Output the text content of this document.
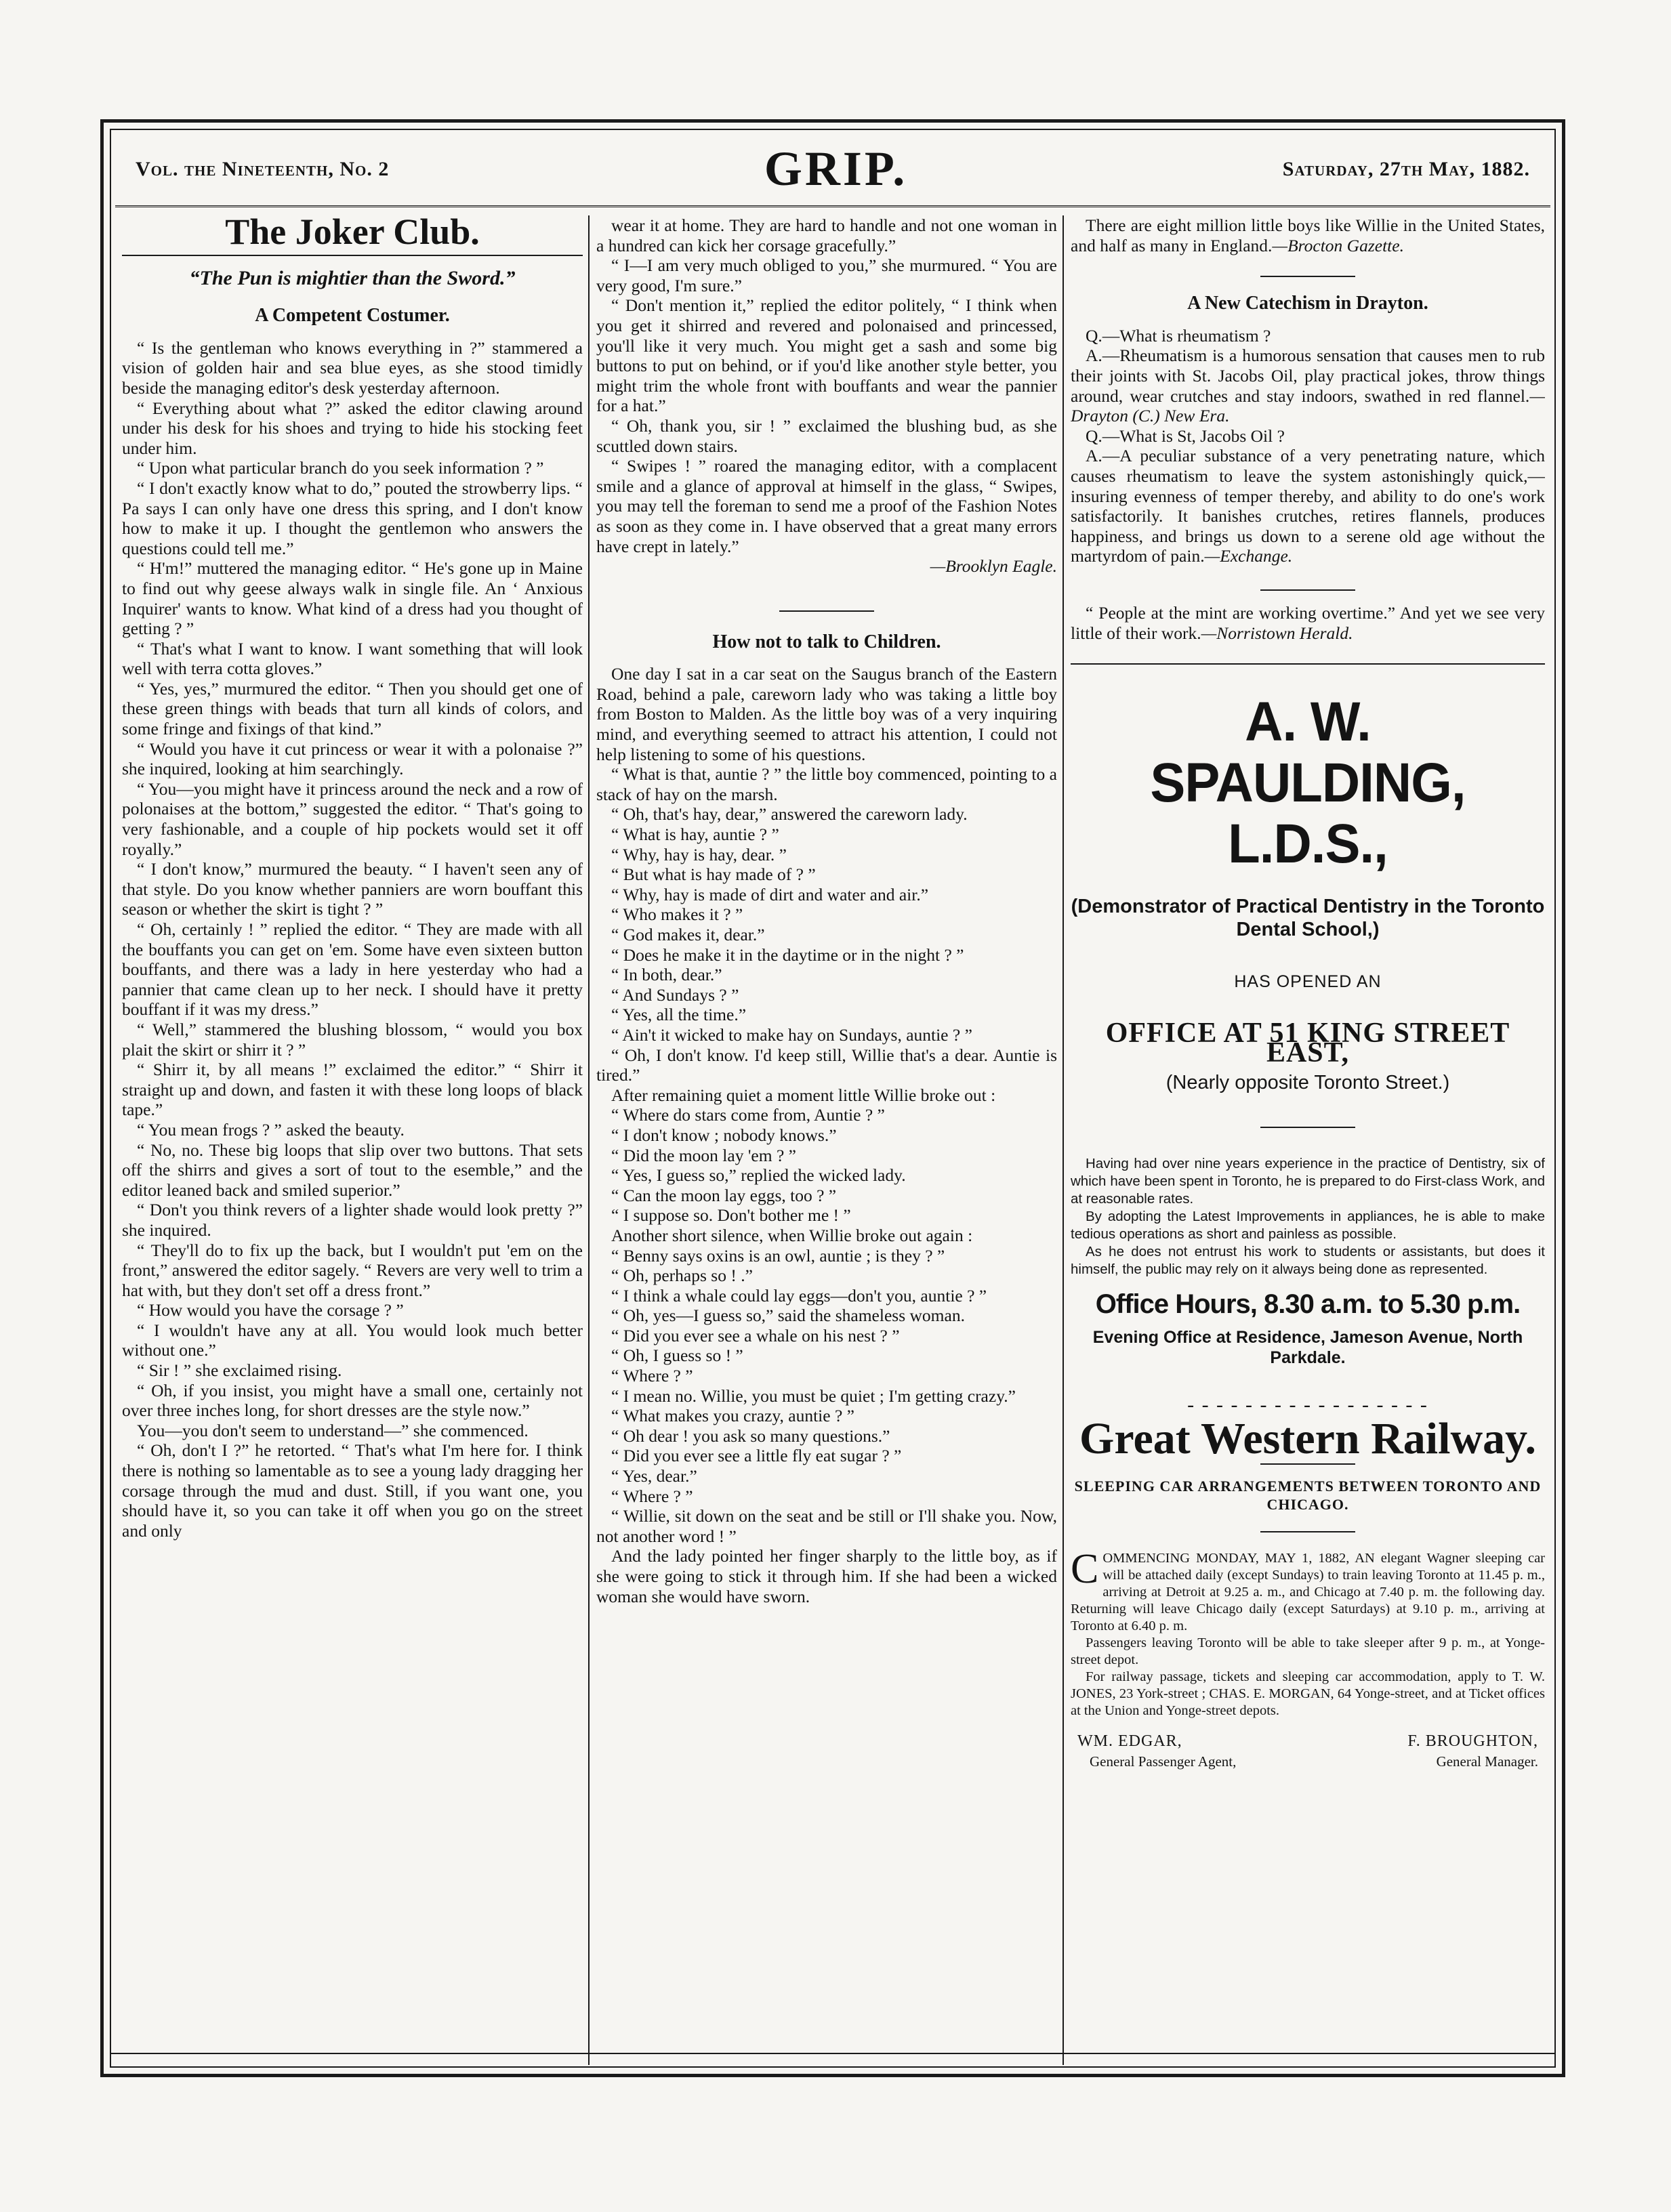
Vol. the Nineteenth, No. 2	GRIP.	Saturday, 27th May, 1882.
The Joker Club.
“The Pun is mightier than the Sword.”
A Competent Costumer.

“ Is the gentleman who knows everything in ?” stammered a vision of golden hair and sea blue eyes, as she stood timidly beside the managing editor's desk yesterday afternoon.

“ Everything about what ?” asked the editor clawing around under his desk for his shoes and trying to hide his stocking feet under him.

“ Upon what particular branch do you seek information ? ”

“ I don't exactly know what to do,” pouted the strowberry lips. “ Pa says I can only have one dress this spring, and I don't know how to make it up. I thought the gentlemon who answers the questions could tell me.”

“ H'm!” muttered the managing editor. “ He's gone up in Maine to find out why geese always walk in single file. An ‘ Anxious Inquirer' wants to know. What kind of a dress had you thought of getting ? ”

“ That's what I want to know. I want something that will look well with terra cotta gloves.”

“ Yes, yes,” murmured the editor. “ Then you should get one of these green things with beads that turn all kinds of colors, and some fringe and fixings of that kind.”

“ Would you have it cut princess or wear it with a polonaise ?” she inquired, looking at him searchingly.

“ You—you might have it princess around the neck and a row of polonaises at the bottom,” suggested the editor. “ That's going to very fashionable, and a couple of hip pockets would set it off royally.”

“ I don't know,” murmured the beauty. “ I haven't seen any of that style. Do you know whether panniers are worn bouffant this season or whether the skirt is tight ? ”

“ Oh, certainly ! ” replied the editor. “ They are made with all the bouffants you can get on 'em. Some have even sixteen button bouffants, and there was a lady in here yesterday who had a pannier that came clean up to her neck. I should have it pretty bouffant if it was my dress.”

“ Well,” stammered the blushing blossom, “ would you box plait the skirt or shirr it ? ”

“ Shirr it, by all means !” exclaimed the editor.” “ Shirr it straight up and down, and fasten it with these long loops of black tape.”

“ You mean frogs ? ” asked the beauty.

“ No, no. These big loops that slip over two buttons. That sets off the shirrs and gives a sort of tout to the esemble,” and the editor leaned back and smiled superior.”

“ Don't you think revers of a lighter shade would look pretty ?” she inquired.

“ They'll do to fix up the back, but I wouldn't put 'em on the front,” answered the editor sagely. “ Revers are very well to trim a hat with, but they don't set off a dress front.”

“ How would you have the corsage ? ”

“ I wouldn't have any at all. You would look much better without one.”

“ Sir ! ” she exclaimed rising.

“ Oh, if you insist, you might have a small one, certainly not over three inches long, for short dresses are the style now.”

You—you don't seem to understand—” she commenced.

“ Oh, don't I ?” he retorted. “ That's what I'm here for. I think there is nothing so lamentable as to see a young lady dragging her corsage through the mud and dust. Still, if you want one, you should have it, so you can take it off when you go on the street and only

wear it at home. They are hard to handle and not one woman in a hundred can kick her corsage gracefully.”

“ I—I am very much obliged to you,” she murmured. “ You are very good, I'm sure.”

“ Don't mention it,” replied the editor politely, “ I think when you get it shirred and revered and polonaised and princessed, you'll like it very much. You might get a sash and some big buttons to put on behind, or if you'd like another style better, you might trim the whole front with bouffants and wear the pannier for a hat.”

“ Oh, thank you, sir ! ” exclaimed the blushing bud, as she scuttled down stairs.

“ Swipes ! ” roared the managing editor, with a complacent smile and a glance of approval at himself in the glass, “ Swipes, you may tell the foreman to send me a proof of the Fashion Notes as soon as they come in. I have observed that a great many errors have crept in lately.”

—Brooklyn Eagle.

How not to talk to Children.

One day I sat in a car seat on the Saugus branch of the Eastern Road, behind a pale, careworn lady who was taking a little boy from Boston to Malden. As the little boy was of a very inquiring mind, and everything seemed to attract his attention, I could not help listening to some of his questions.

“ What is that, auntie ? ” the little boy commenced, pointing to a stack of hay on the marsh.

“ Oh, that's hay, dear,” answered the careworn lady.

“ What is hay, auntie ? ”

“ Why, hay is hay, dear. ”

“ But what is hay made of ? ”

“ Why, hay is made of dirt and water and air.”

“ Who makes it ? ”

“ God makes it, dear.”

“ Does he make it in the daytime or in the night ? ”

“ In both, dear.”

“ And Sundays ? ”

“ Yes, all the time.”

“ Ain't it wicked to make hay on Sundays, auntie ? ”

“ Oh, I don't know. I'd keep still, Willie that's a dear. Auntie is tired.”

After remaining quiet a moment little Willie broke out :

“ Where do stars come from, Auntie ? ”

“ I don't know ; nobody knows.”

“ Did the moon lay 'em ? ”

“ Yes, I guess so,” replied the wicked lady.

“ Can the moon lay eggs, too ? ”

“ I suppose so. Don't bother me ! ”

Another short silence, when Willie broke out again :

“ Benny says oxins is an owl, auntie ; is they ? ”

“ Oh, perhaps so ! .”

“ I think a whale could lay eggs—don't you, auntie ? ”

“ Oh, yes—I guess so,” said the shameless woman.

“ Did you ever see a whale on his nest ? ”

“ Oh, I guess so ! ”

“ Where ? ”

“ I mean no. Willie, you must be quiet ; I'm getting crazy.”

“ What makes you crazy, auntie ? ”

“ Oh dear ! you ask so many questions.”

“ Did you ever see a little fly eat sugar ? ”

“ Yes, dear.”

“ Where ? ”

“ Willie, sit down on the seat and be still or I'll shake you. Now, not another word ! ”

And the lady pointed her finger sharply to the little boy, as if she were going to stick it through him. If she had been a wicked woman she would have sworn.

There are eight million little boys like Willie in the United States, and half as many in England.—Brocton Gazette.

A New Catechism in Drayton.

Q.—What is rheumatism ?

A.—Rheumatism is a humorous sensation that causes men to rub their joints with St. Jacobs Oil, play practical jokes, throw things around, wear crutches and stay indoors, swathed in red flannel.—Drayton (C.) New Era.

Q.—What is St, Jacobs Oil ?

A.—A peculiar substance of a very penetrating nature, which causes rheumatism to leave the system astonishingly quick,—insuring evenness of temper thereby, and ability to do one's work satisfactorily. It banishes crutches, retires flannels, produces happiness, and brings us down to a serene old age without the martyrdom of pain.—Exchange.

“ People at the mint are working overtime.” And yet we see very little of their work.—Norristown Herald.

A. W. SPAULDING, L.D.S.,
(Demonstrator of Practical Dentistry in the Toronto Dental School,)
HAS OPENED AN
OFFICE AT 51 KING STREET EAST,
(Nearly opposite Toronto Street.)

Having had over nine years experience in the practice of Dentistry, six of which have been spent in Toronto, he is prepared to do First-class Work, and at reasonable rates.

By adopting the Latest Improvements in appliances, he is able to make tedious operations as short and painless as possible.

As he does not entrust his work to students or assistants, but does it himself, the public may rely on it always being done as represented.

Office Hours, 8.30 a.m. to 5.30 p.m.
Evening Office at Residence, Jameson Avenue, North Parkdale.
- - - - - - - - - - - - - - - - -
Great Western Railway.
SLEEPING CAR ARRANGEMENTS BETWEEN TORONTO AND CHICAGO.

COMMENCING MONDAY, MAY 1, 1882, AN elegant Wagner sleeping car will be attached daily (except Sundays) to train leaving Toronto at 11.45 p. m., arriving at Detroit at 9.25 a. m., and Chicago at 7.40 p. m. the following day. Returning will leave Chicago daily (except Saturdays) at 9.10 p. m., arriving at Toronto at 6.40 p. m.

Passengers leaving Toronto will be able to take sleeper after 9 p. m., at Yonge-street depot.

For railway passage, tickets and sleeping car accommodation, apply to T. W. JONES, 23 York-street ; CHAS. E. MORGAN, 64 Yonge-street, and at Ticket offices at the Union and Yonge-street depots.

WM. EDGAR,
General Passenger Agent,
F. BROUGHTON,
General Manager.
